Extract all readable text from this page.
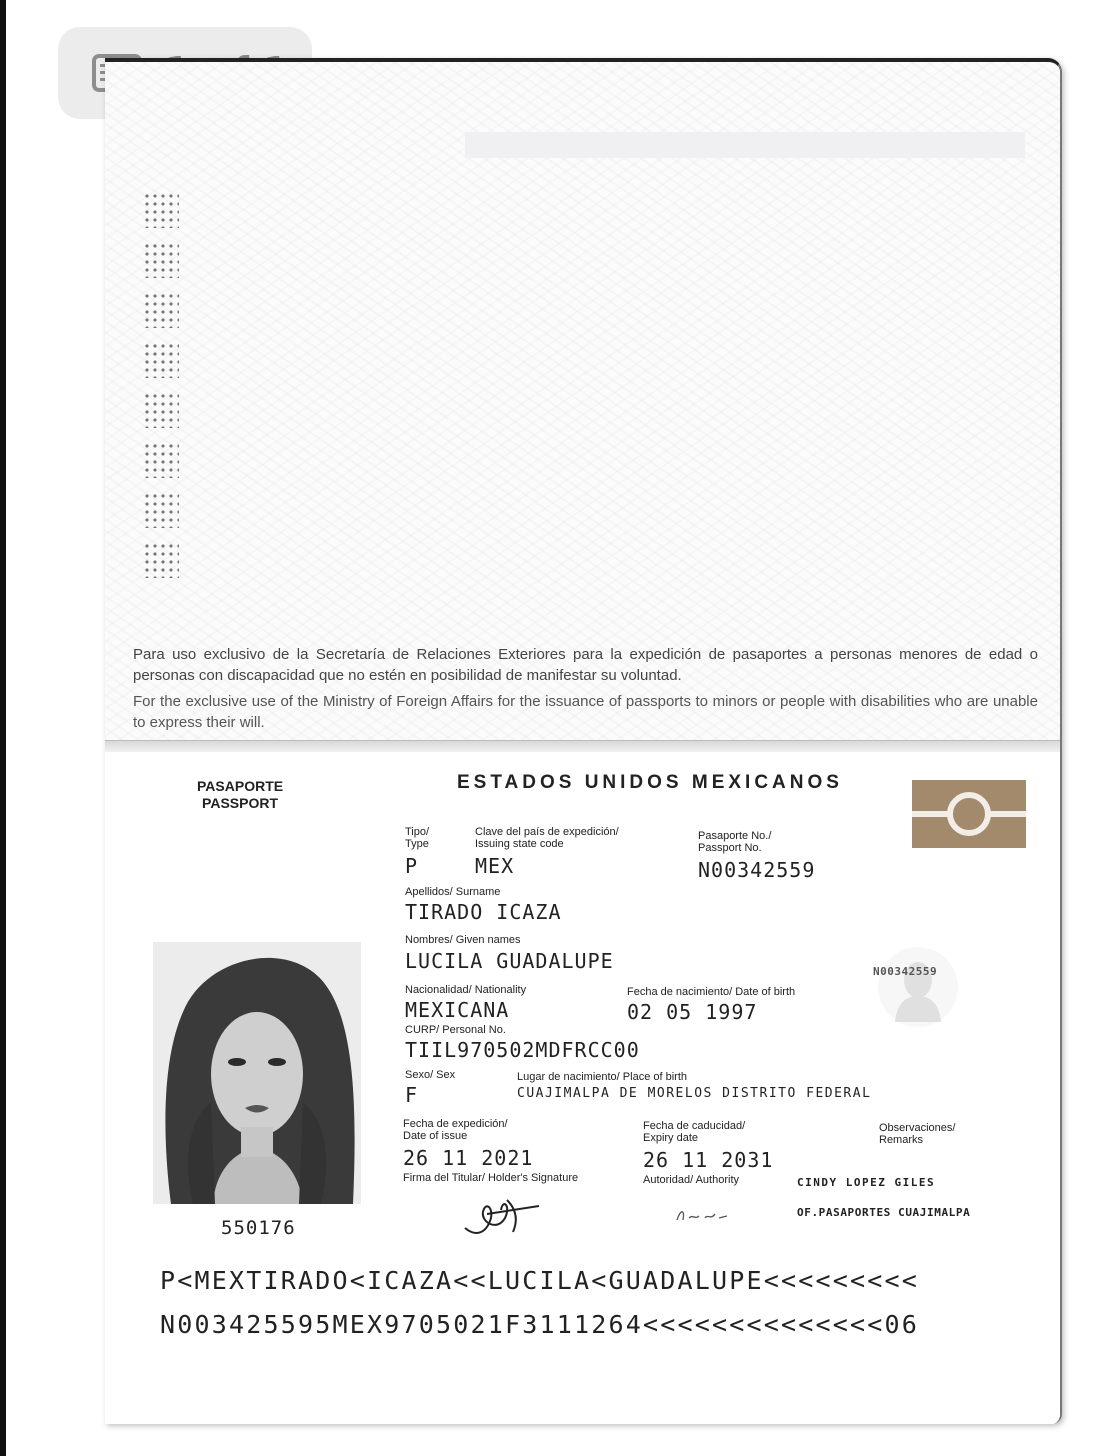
Para uso exclusivo de la Secretaría de Relaciones Exteriores para la expedición de pasaportes a personas menores de edad o personas con discapacidad que no estén en posibilidad de manifestar su voluntad.
For the exclusive use of the Ministry of Foreign Affairs for the issuance of passports to minors or people with disabilities who are unable to express their will.
PASAPORTE
PASSPORT
ESTADOS UNIDOS MEXICANOS
Tipo/
Type
P
Clave del país de expedición/
Issuing state code
MEX
Pasaporte No./
Passport No.
N00342559
Apellidos/ Surname
TIRADO ICAZA
Nombres/ Given names
LUCILA GUADALUPE
Nacionalidad/ Nationality
MEXICANA
Fecha de nacimiento/ Date of birth
02 05 1997
CURP/ Personal No.
TIIL970502MDFRCC00
Sexo/ Sex
F
Lugar de nacimiento/ Place of birth
CUAJIMALPA DE MORELOS DISTRITO FEDERAL
Fecha de expedición/
Date of issue
26 11 2021
Fecha de caducidad/
Expiry date
26 11 2031
Observaciones/
Remarks
Firma del Titular/ Holder's Signature	Autoridad/ Authority	CINDY LOPEZ GILES
OF.PASAPORTES CUAJIMALPA
550176
N00342559
P<MEXTIRADO<ICAZA<<LUCILA<GUADALUPE<<<<<<<<<
N003425595MEX9705021F3111264<<<<<<<<<<<<<<06
